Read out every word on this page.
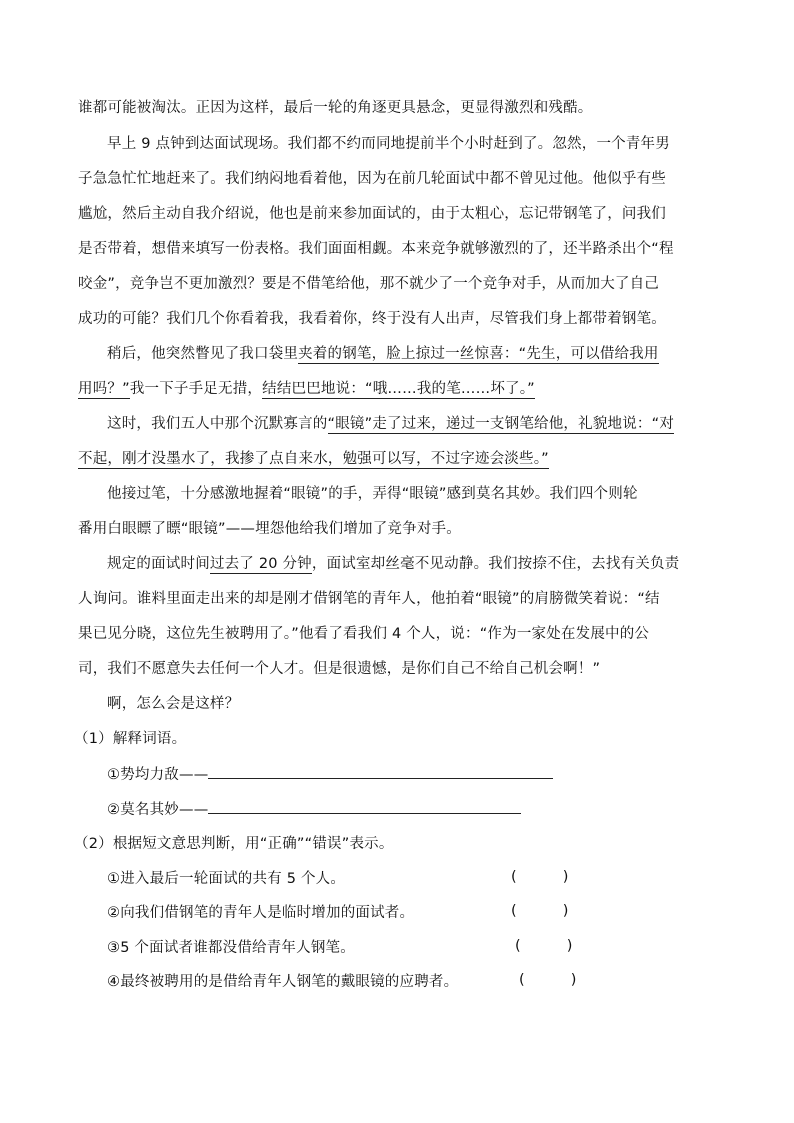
谁都可能被淘汰。正因为这样，最后一轮的角逐更具悬念，更显得激烈和残酷。
早上 9 点钟到达面试现场。我们都不约而同地提前半个小时赶到了。忽然，一个青年男
子急急忙忙地赶来了。我们纳闷地看着他，因为在前几轮面试中都不曾见过他。他似乎有些
尴尬，然后主动自我介绍说，他也是前来参加面试的，由于太粗心，忘记带钢笔了，问我们
是否带着，想借来填写一份表格。我们面面相觑。本来竞争就够激烈的了，还半路杀出个“程
咬金”，竞争岂不更加激烈？要是不借笔给他，那不就少了一个竞争对手，从而加大了自己
成功的可能？我们几个你看着我，我看着你，终于没有人出声，尽管我们身上都带着钢笔。
稍后，他突然瞥见了我口袋里夹着的钢笔，脸上掠过一丝惊喜：“先生，可以借给我用
用吗？”我一下子手足无措，结结巴巴地说：“哦……我的笔……坏了。”
这时，我们五人中那个沉默寡言的“眼镜”走了过来，递过一支钢笔给他，礼貌地说：“对
不起，刚才没墨水了，我掺了点自来水，勉强可以写，不过字迹会淡些。”
他接过笔，十分感激地握着“眼镜”的手，弄得“眼镜”感到莫名其妙。我们四个则轮
番用白眼瞟了瞟“眼镜”——埋怨他给我们增加了竞争对手。
规定的面试时间过去了 20 分钟，面试室却丝毫不见动静。我们按捺不住，去找有关负责
人询问。谁料里面走出来的却是刚才借钢笔的青年人，他拍着“眼镜”的肩膀微笑着说：“结
果已见分晓，这位先生被聘用了。”他看了看我们 4 个人，说：“作为一家处在发展中的公
司，我们不愿意失去任何一个人才。但是很遗憾，是你们自己不给自己机会啊！”
啊，怎么会是这样？
（1）解释词语。
①势均力敌——
②莫名其妙——
（2）根据短文意思判断，用“正确”“错误”表示。
①进入最后一轮面试的共有 5 个人。	(          )
②向我们借钢笔的青年人是临时增加的面试者。	(          )
③5 个面试者谁都没借给青年人钢笔。	(          )
④最终被聘用的是借给青年人钢笔的戴眼镜的应聘者。	(          )
